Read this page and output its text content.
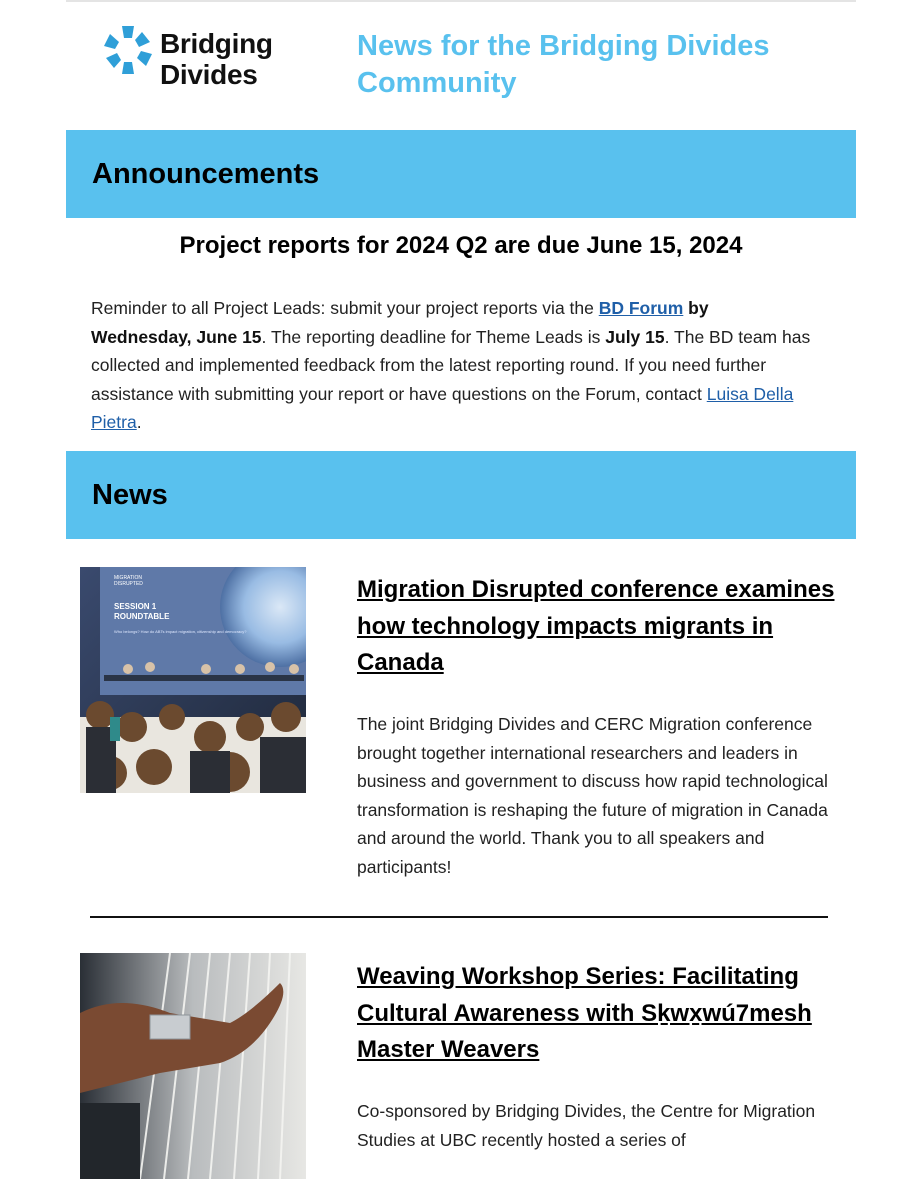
Bridging
Divides
News for the Bridging Divides Community
Announcements
Project reports for 2024 Q2 are due June 15, 2024
Reminder to all Project Leads: submit your project reports via the BD Forum by Wednesday, June 15. The reporting deadline for Theme Leads is July 15. The BD team has collected and implemented feedback from the latest reporting round. If you need further assistance with submitting your report or have questions on the Forum, contact Luisa Della Pietra.
News
MIGRATION
DISRUPTED
SESSION 1
ROUNDTABLE
Who belongs? How do ABTs impact migration, citizenship and democracy?
Migration Disrupted conference examines how technology impacts migrants in Canada
The joint Bridging Divides and CERC Migration conference brought together international researchers and leaders in business and government to discuss how rapid technological transformation is reshaping the future of migration in Canada and around the world. Thank you to all speakers and participants!
Weaving Workshop Series: Facilitating Cultural Awareness with Sḵwx̱wú7mesh Master Weavers
Co-sponsored by Bridging Divides, the Centre for Migration Studies at UBC recently hosted a series of
